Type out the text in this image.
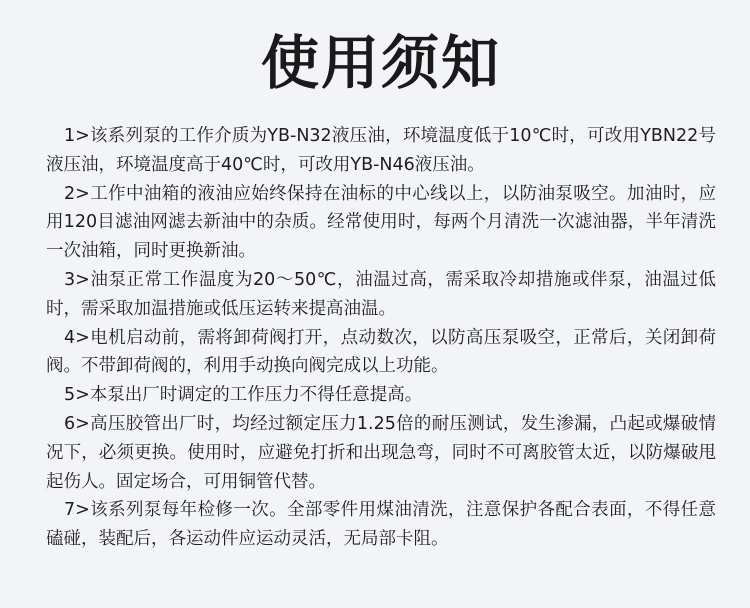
使用须知

1>该系列泵的工作介质为YB-N32液压油，环境温度低于10℃时，可改用YBN22号液压油，环境温度高于40℃时，可改用YB-N46液压油。

2>工作中油箱的液油应始终保持在油标的中心线以上，以防油泵吸空。加油时，应用120目滤油网滤去新油中的杂质。经常使用时，每两个月清洗一次滤油器，半年清洗一次油箱，同时更换新油。

3>油泵正常工作温度为20～50℃，油温过高，需采取冷却措施或伴泵，油温过低时，需采取加温措施或低压运转来提高油温。

4>电机启动前，需将卸荷阀打开，点动数次，以防高压泵吸空，正常后，关闭卸荷阀。不带卸荷阀的，利用手动换向阀完成以上功能。

5>本泵出厂时调定的工作压力不得任意提高。

6>高压胶管出厂时，均经过额定压力1.25倍的耐压测试，发生渗漏，凸起或爆破情况下，必须更换。使用时，应避免打折和出现急弯，同时不可离胶管太近，以防爆破甩起伤人。固定场合，可用铜管代替。

7>该系列泵每年检修一次。全部零件用煤油清洗，注意保护各配合表面，不得任意磕碰，装配后，各运动件应运动灵活，无局部卡阻。
